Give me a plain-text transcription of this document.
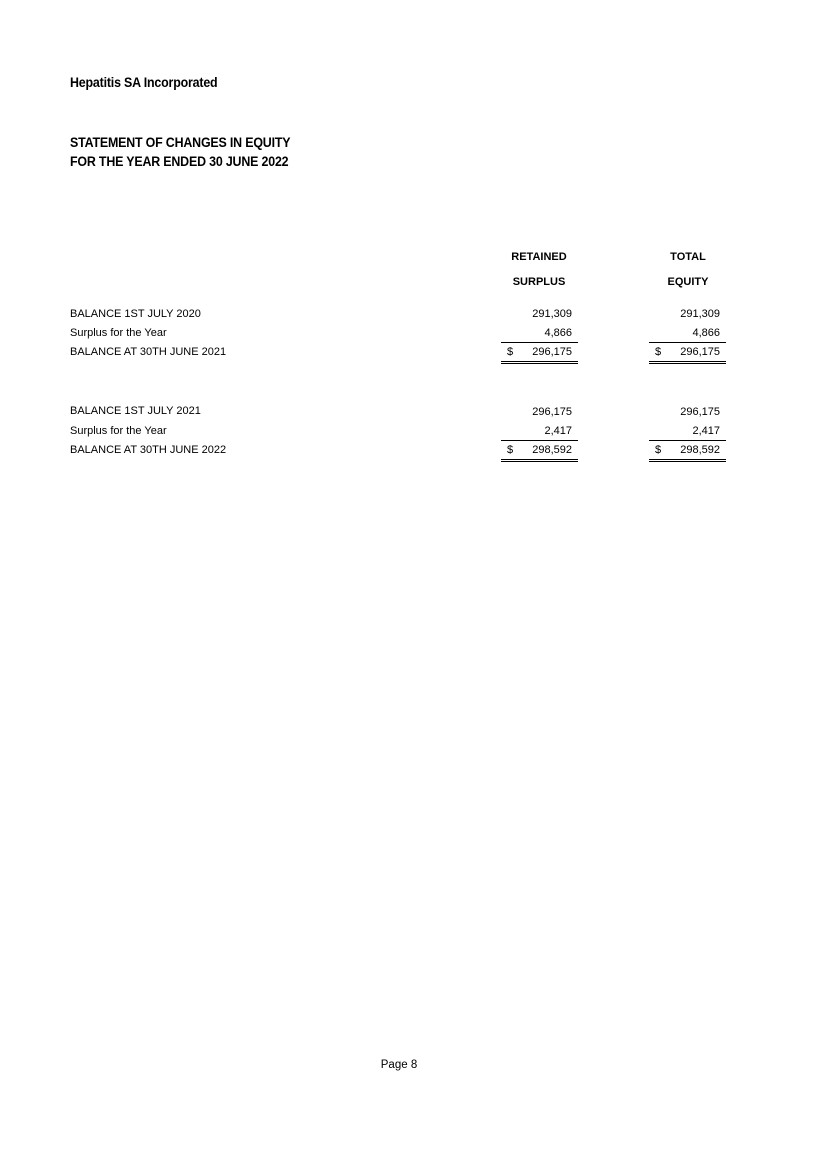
Hepatitis SA Incorporated
STATEMENT OF CHANGES IN EQUITY
FOR THE YEAR ENDED 30 JUNE 2022
RETAINED
SURPLUS
TOTAL
EQUITY
BALANCE 1ST JULY 2020	291,309	291,309
Surplus for the Year	4,866	4,866
BALANCE AT 30TH JUNE 2021	$ 296,175	$ 296,175
BALANCE 1ST JULY 2021	296,175	296,175
Surplus for the Year	2,417	2,417
BALANCE AT 30TH JUNE 2022	$ 298,592	$ 298,592
Page 8
